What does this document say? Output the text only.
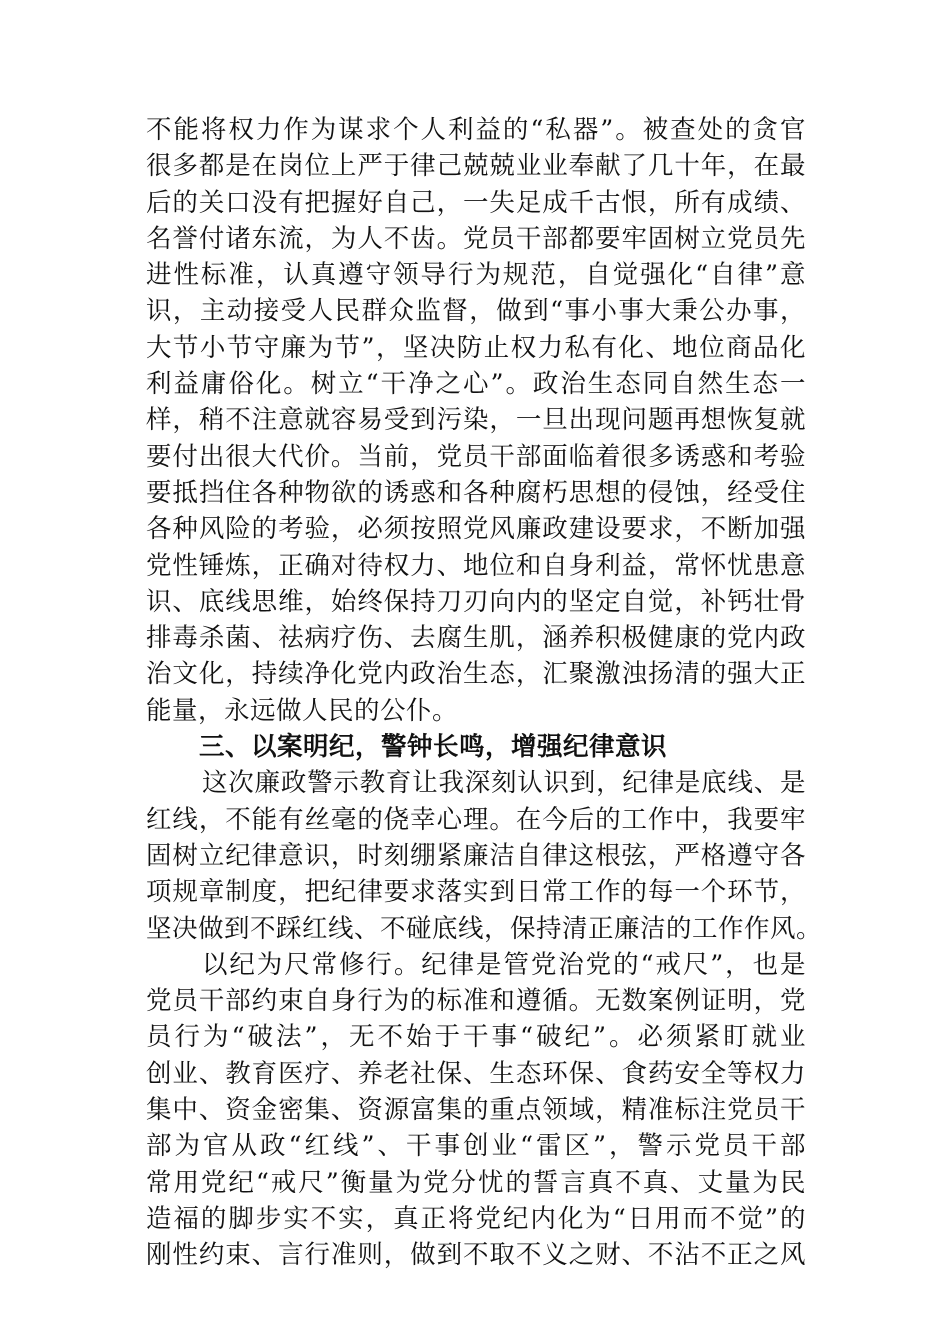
不能将权力作为谋求个人利益的“私器”。被查处的贪官
很多都是在岗位上严于律己兢兢业业奉献了几十年，在最
后的关口没有把握好自己，一失足成千古恨，所有成绩、
名誉付诸东流，为人不齿。党员干部都要牢固树立党员先
进性标准，认真遵守领导行为规范，自觉强化“自律”意
识，主动接受人民群众监督，做到“事小事大秉公办事，
大节小节守廉为节”，坚决防止权力私有化、地位商品化
利益庸俗化。树立“干净之心”。政治生态同自然生态一
样，稍不注意就容易受到污染，一旦出现问题再想恢复就
要付出很大代价。当前，党员干部面临着很多诱惑和考验
要抵挡住各种物欲的诱惑和各种腐朽思想的侵蚀，经受住
各种风险的考验，必须按照党风廉政建设要求，不断加强
党性锤炼，正确对待权力、地位和自身利益，常怀忧患意
识、底线思维，始终保持刀刃向内的坚定自觉，补钙壮骨
排毒杀菌、祛病疗伤、去腐生肌，涵养积极健康的党内政
治文化，持续净化党内政治生态，汇聚激浊扬清的强大正
能量，永远做人民的公仆。
三、以案明纪，警钟长鸣，增强纪律意识
这次廉政警示教育让我深刻认识到，纪律是底线、是
红线，不能有丝毫的侥幸心理。在今后的工作中，我要牢
固树立纪律意识，时刻绷紧廉洁自律这根弦，严格遵守各
项规章制度，把纪律要求落实到日常工作的每一个环节，
坚决做到不踩红线、不碰底线，保持清正廉洁的工作作风。
以纪为尺常修行。纪律是管党治党的“戒尺”，也是
党员干部约束自身行为的标准和遵循。无数案例证明，党
员行为“破法”，无不始于干事“破纪”。必须紧盯就业
创业、教育医疗、养老社保、生态环保、食药安全等权力
集中、资金密集、资源富集的重点领域，精准标注党员干
部为官从政“红线”、干事创业“雷区”，警示党员干部
常用党纪“戒尺”衡量为党分忧的誓言真不真、丈量为民
造福的脚步实不实，真正将党纪内化为“日用而不觉”的
刚性约束、言行准则，做到不取不义之财、不沾不正之风
